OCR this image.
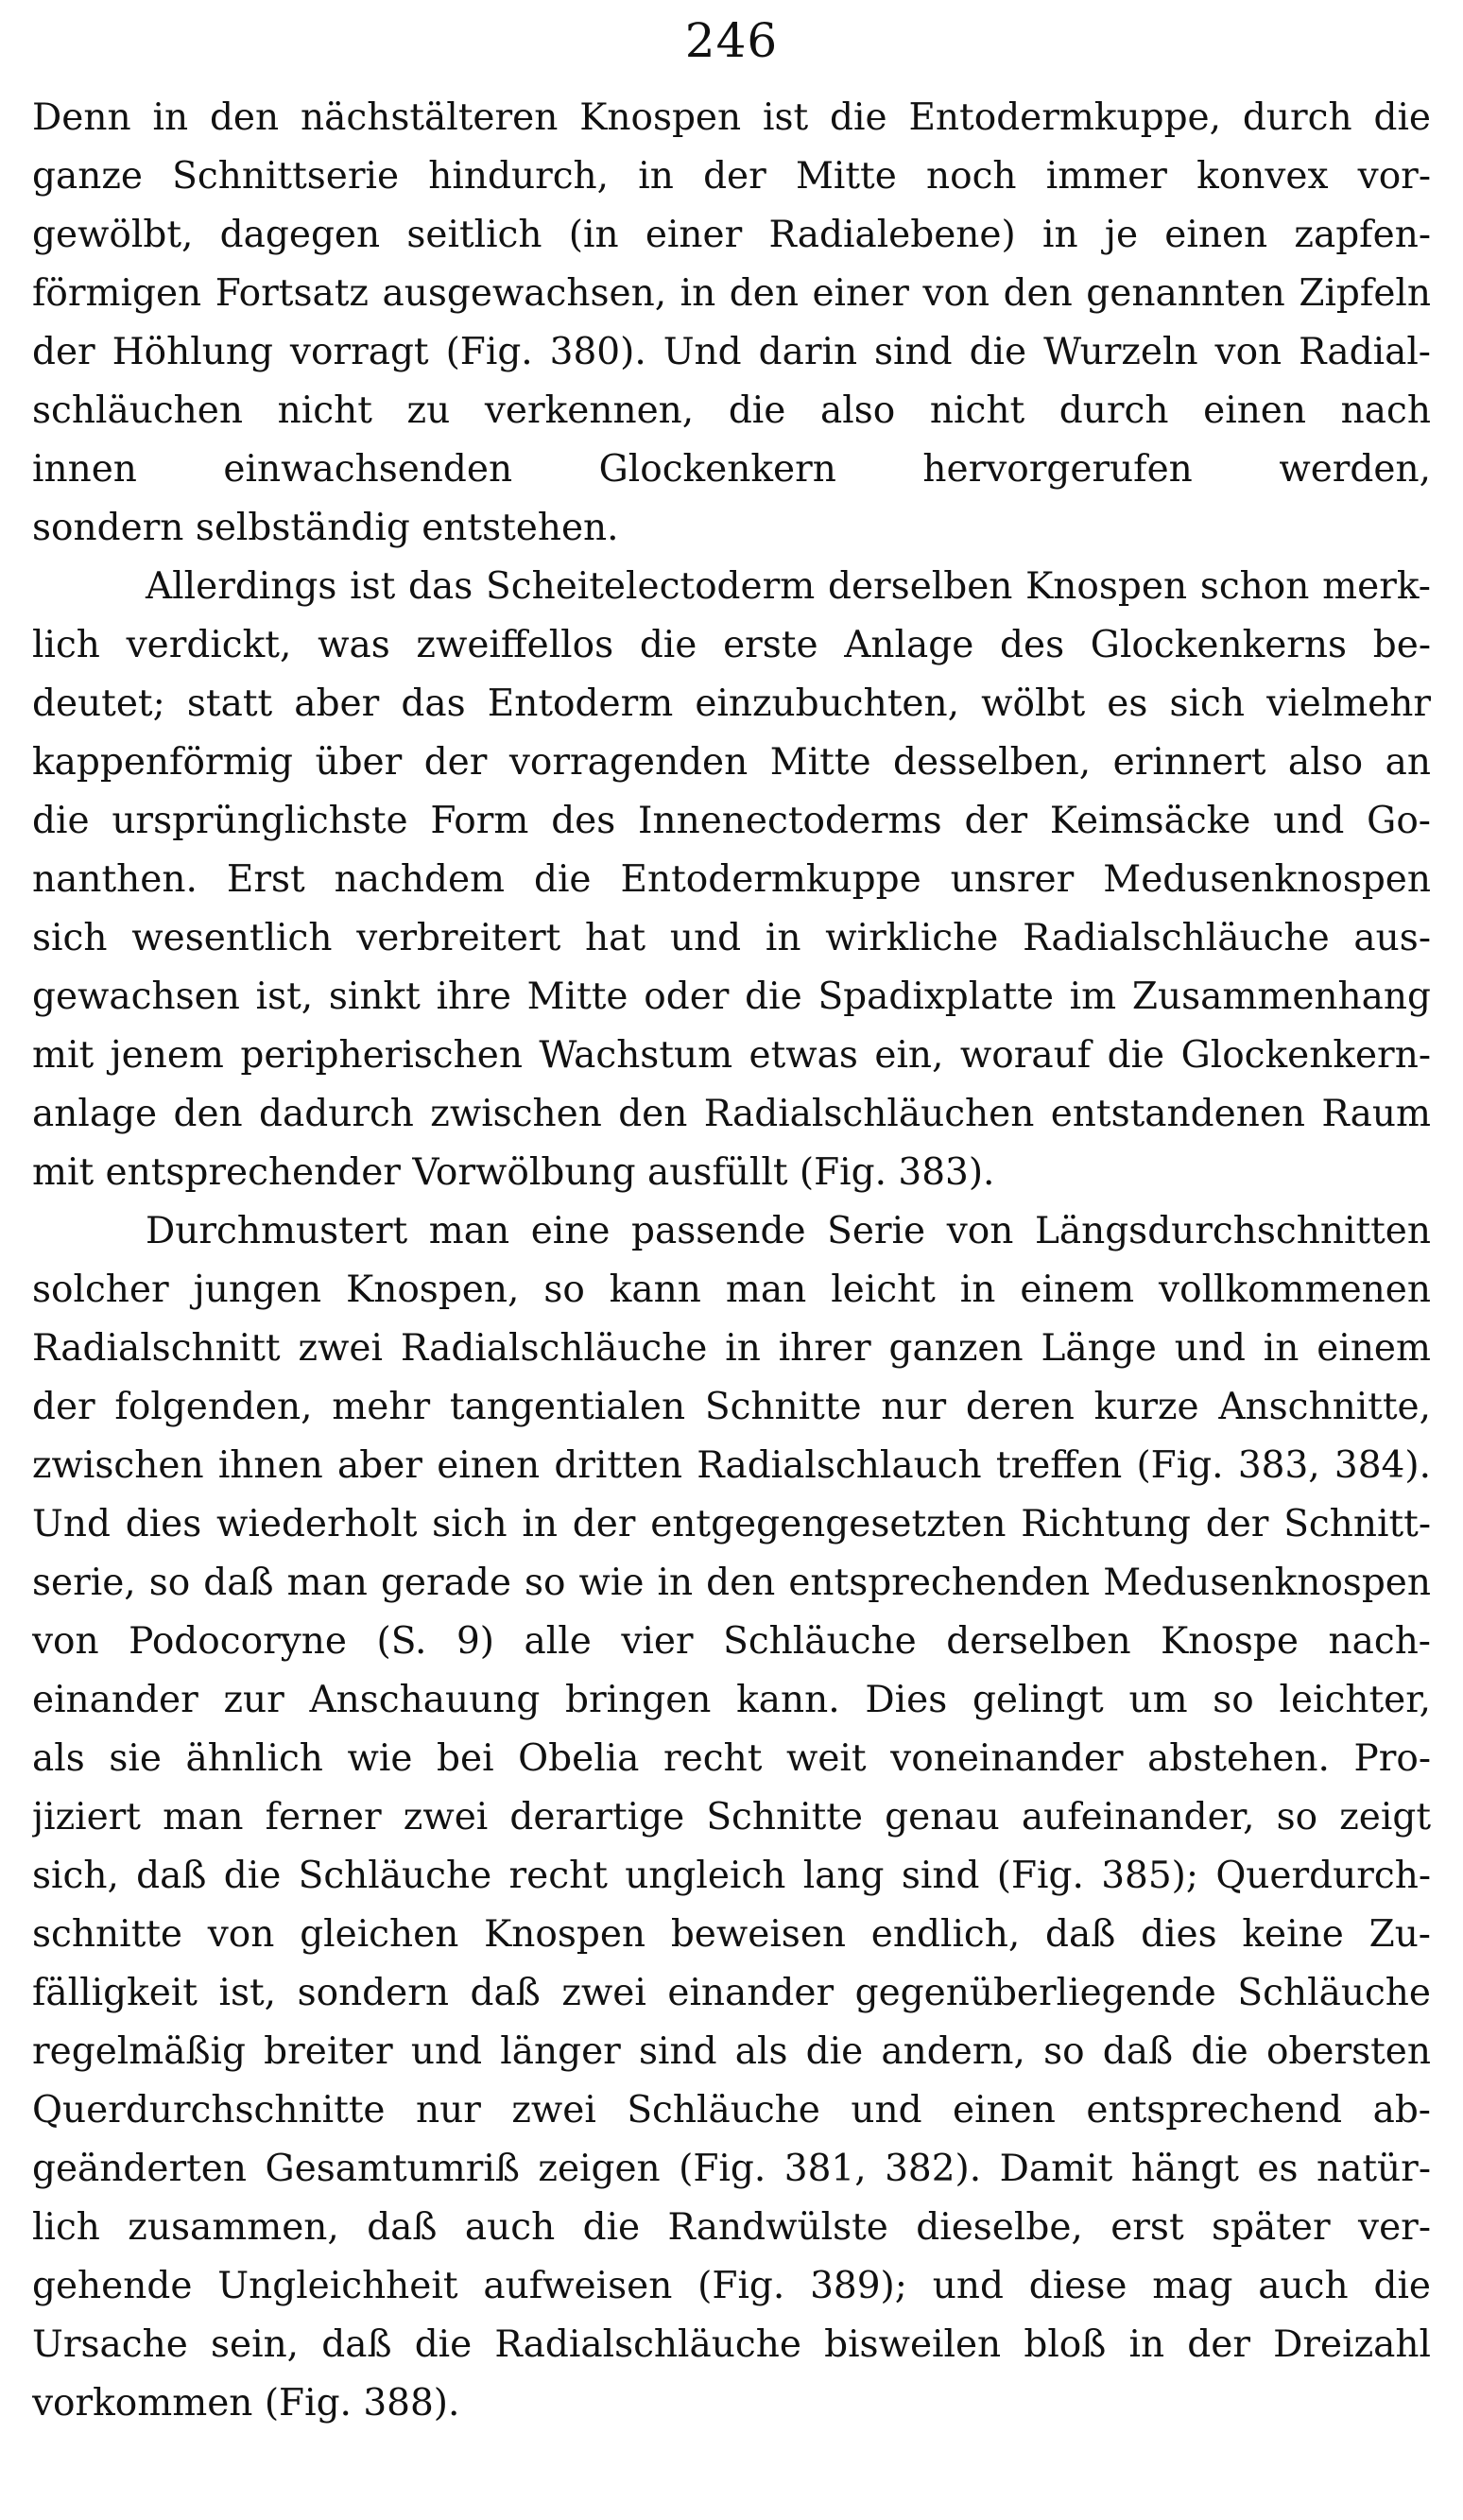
246
Denn in den nächstälteren Knospen ist die Entodermkuppe, durch die
ganze Schnittserie hindurch, in der Mitte noch immer konvex vor-
gewölbt, dagegen seitlich (in einer Radialebene) in je einen zapfen-
förmigen Fortsatz ausgewachsen, in den einer von den genannten Zipfeln
der Höhlung vorragt (Fig. 380). Und darin sind die Wurzeln von Radial-
schläuchen nicht zu verkennen, die also nicht durch einen nach
innen einwachsenden Glockenkern hervorgerufen werden,
sondern selbständig entstehen.
Allerdings ist das Scheitelectoderm derselben Knospen schon merk-
lich verdickt, was zweiffellos die erste Anlage des Glockenkerns be-
deutet; statt aber das Entoderm einzubuchten, wölbt es sich vielmehr
kappenförmig über der vorragenden Mitte desselben, erinnert also an
die ursprünglichste Form des Innenectoderms der Keimsäcke und Go-
nanthen. Erst nachdem die Entodermkuppe unsrer Medusenknospen
sich wesentlich verbreitert hat und in wirkliche Radialschläuche aus-
gewachsen ist, sinkt ihre Mitte oder die Spadixplatte im Zusammenhang
mit jenem peripherischen Wachstum etwas ein, worauf die Glockenkern-
anlage den dadurch zwischen den Radialschläuchen entstandenen Raum
mit entsprechender Vorwölbung ausfüllt (Fig. 383).
Durchmustert man eine passende Serie von Längsdurchschnitten
solcher jungen Knospen, so kann man leicht in einem vollkommenen
Radialschnitt zwei Radialschläuche in ihrer ganzen Länge und in einem
der folgenden, mehr tangentialen Schnitte nur deren kurze Anschnitte,
zwischen ihnen aber einen dritten Radialschlauch treffen (Fig. 383, 384).
Und dies wiederholt sich in der entgegengesetzten Richtung der Schnitt-
serie, so daß man gerade so wie in den entsprechenden Medusenknospen
von Podocoryne (S. 9) alle vier Schläuche derselben Knospe nach-
einander zur Anschauung bringen kann. Dies gelingt um so leichter,
als sie ähnlich wie bei Obelia recht weit voneinander abstehen. Pro-
jiziert man ferner zwei derartige Schnitte genau aufeinander, so zeigt
sich, daß die Schläuche recht ungleich lang sind (Fig. 385); Querdurch-
schnitte von gleichen Knospen beweisen endlich, daß dies keine Zu-
fälligkeit ist, sondern daß zwei einander gegenüberliegende Schläuche
regelmäßig breiter und länger sind als die andern, so daß die obersten
Querdurchschnitte nur zwei Schläuche und einen entsprechend ab-
geänderten Gesamtumriß zeigen (Fig. 381, 382). Damit hängt es natür-
lich zusammen, daß auch die Randwülste dieselbe, erst später ver-
gehende Ungleichheit aufweisen (Fig. 389); und diese mag auch die
Ursache sein, daß die Radialschläuche bisweilen bloß in der Dreizahl
vorkommen (Fig. 388).
